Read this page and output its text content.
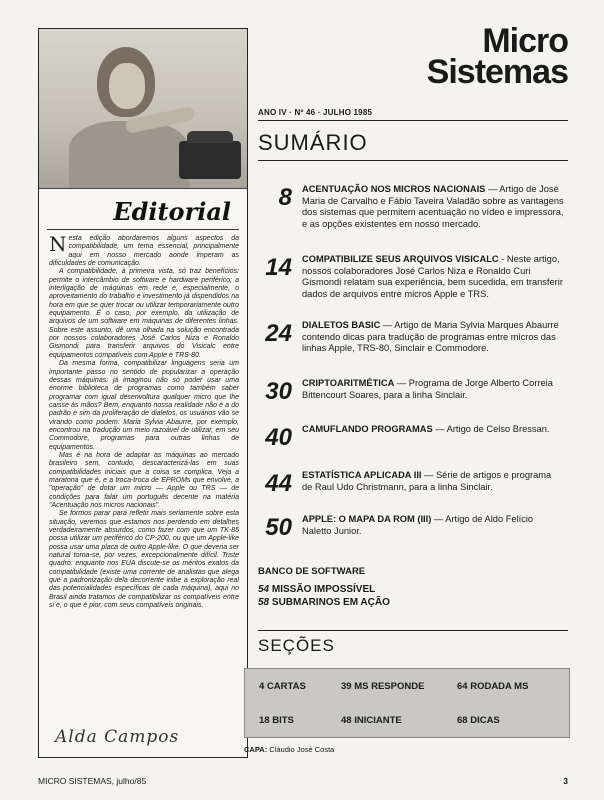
Editorial

Nesta edição abordaremos alguns aspectos da compatibilidade, um tema essencial, principalmente aqui em nosso mercado aonde imperam as dificuldades de comunicação.

A compatibilidade, à primeira vista, só traz benefícios: permite o intercâmbio de software e hardware periférico; a interligação de máquinas em rede e, especialmente, o aproveitamento do trabalho e investimento já dispendidos na hora em que se quer trocar ou utilizar temporariamente outro equipamento. É o caso, por exemplo, da utilização de arquivos de um software em máquinas de diferentes linhas. Sobre este assunto, dê uma olhada na solução encontrada por nossos colaboradores José Carlos Niza e Ronaldo Gismondi para transferir arquivos do Visicalc entre equipamentos compatíveis com Apple e TRS-80.

Da mesma forma, compatibilizar linguagens seria um importante passo no sentido de popularizar a operação dessas máquinas: já imaginou não só poder usar uma enorme biblioteca de programas como também saber programar com igual desenvoltura qualquer micro que lhe caisse às mãos? Bem, enquanto nossa realidade não é a do padrão e sim da proliferação de dialetos, os usuários vão se virando como podem: Maria Sylvia Abaurre, por exemplo, encontrou na tradução um meio razoável de utilizar, em seu Commodore, programas para outras linhas de equipamentos.

Mas é na hora de adaptar as máquinas ao mercado brasileiro sem, contudo, descaracterizá-las em suas compatibilidades iniciais que a coisa se complica. Veja a maratona que é, e a troca-troca de EPROMs que envolve, a "operação" de dotar um micro — Apple ou TRS — de condições para falar um português decente na matéria "Acentuação nos micros nacionais".

Se formos parar para refletir mais seriamente sobre esta situação, veremos que estamos nos perdendo em detalhes verdadeiramente absurdos, como fazer com que um TK-85 possa utilizar um periférico do CP-200, ou que um Apple-like possa usar uma placa de outro Apple-like. O que deveria ser natural torna-se, por vezes, excepcionalmente difícil. Triste quadro: enquanto nos EUA discute-se os méritos exatos da compatibilidade (existe uma corrente de analistas que alega que a padronização dela decorrente inibe a exploração real das potencialidades específicas de cada máquina), aqui no Brasil ainda tratamos de compatibilizar os compatíveis entre si e, o que é pior, com seus compatíveis originais.

Alda Campos
Micro
Sistemas
ANO IV · Nº 46 · JULHO 1985
SUMÁRIO
8 ACENTUAÇÃO NOS MICROS NACIONAIS — Artigo de José Maria de Carvalho e Fábio Taveira Valadão sobre as vantagens dos sistemas que permitem acentuação no vídeo e impressora, e as opções existentes em nosso mercado.
14 COMPATIBILIZE SEUS ARQUIVOS VISICALC - Neste artigo, nossos colaboradores José Carlos Niza e Ronaldo Curi Gismondi relatam sua experiência, bem sucedida, em transferir dados de arquivos entre micros Apple e TRS.
24 DIALETOS BASIC — Artigo de Maria Sylvia Marques Abaurre contendo dicas para tradução de programas entre micros das linhas Apple, TRS-80, Sinclair e Commodore.
30 CRIPTOARITMÉTICA — Programa de Jorge Alberto Correia Bittencourt Soares, para a linha Sinclair.
40 CAMUFLANDO PROGRAMAS — Artigo de Celso Bressan.
44 ESTATÍSTICA APLICADA III — Série de artigos e programa de Raul Udo Christmann, para a linha Sinclair.
50 APPLE: O MAPA DA ROM (III) — Artigo de Aldo Felício Naletto Junior.
BANCO DE SOFTWARE
54 MISSÃO IMPOSSÍVEL
58 SUBMARINOS EM AÇÃO
SEÇÕES
4 CARTAS	39 MS RESPONDE	64 RODADA MS
18 BITS	48 INICIANTE	68 DICAS
CAPA: Cláudio José Costa
MICRO SISTEMAS, julho/85	3
